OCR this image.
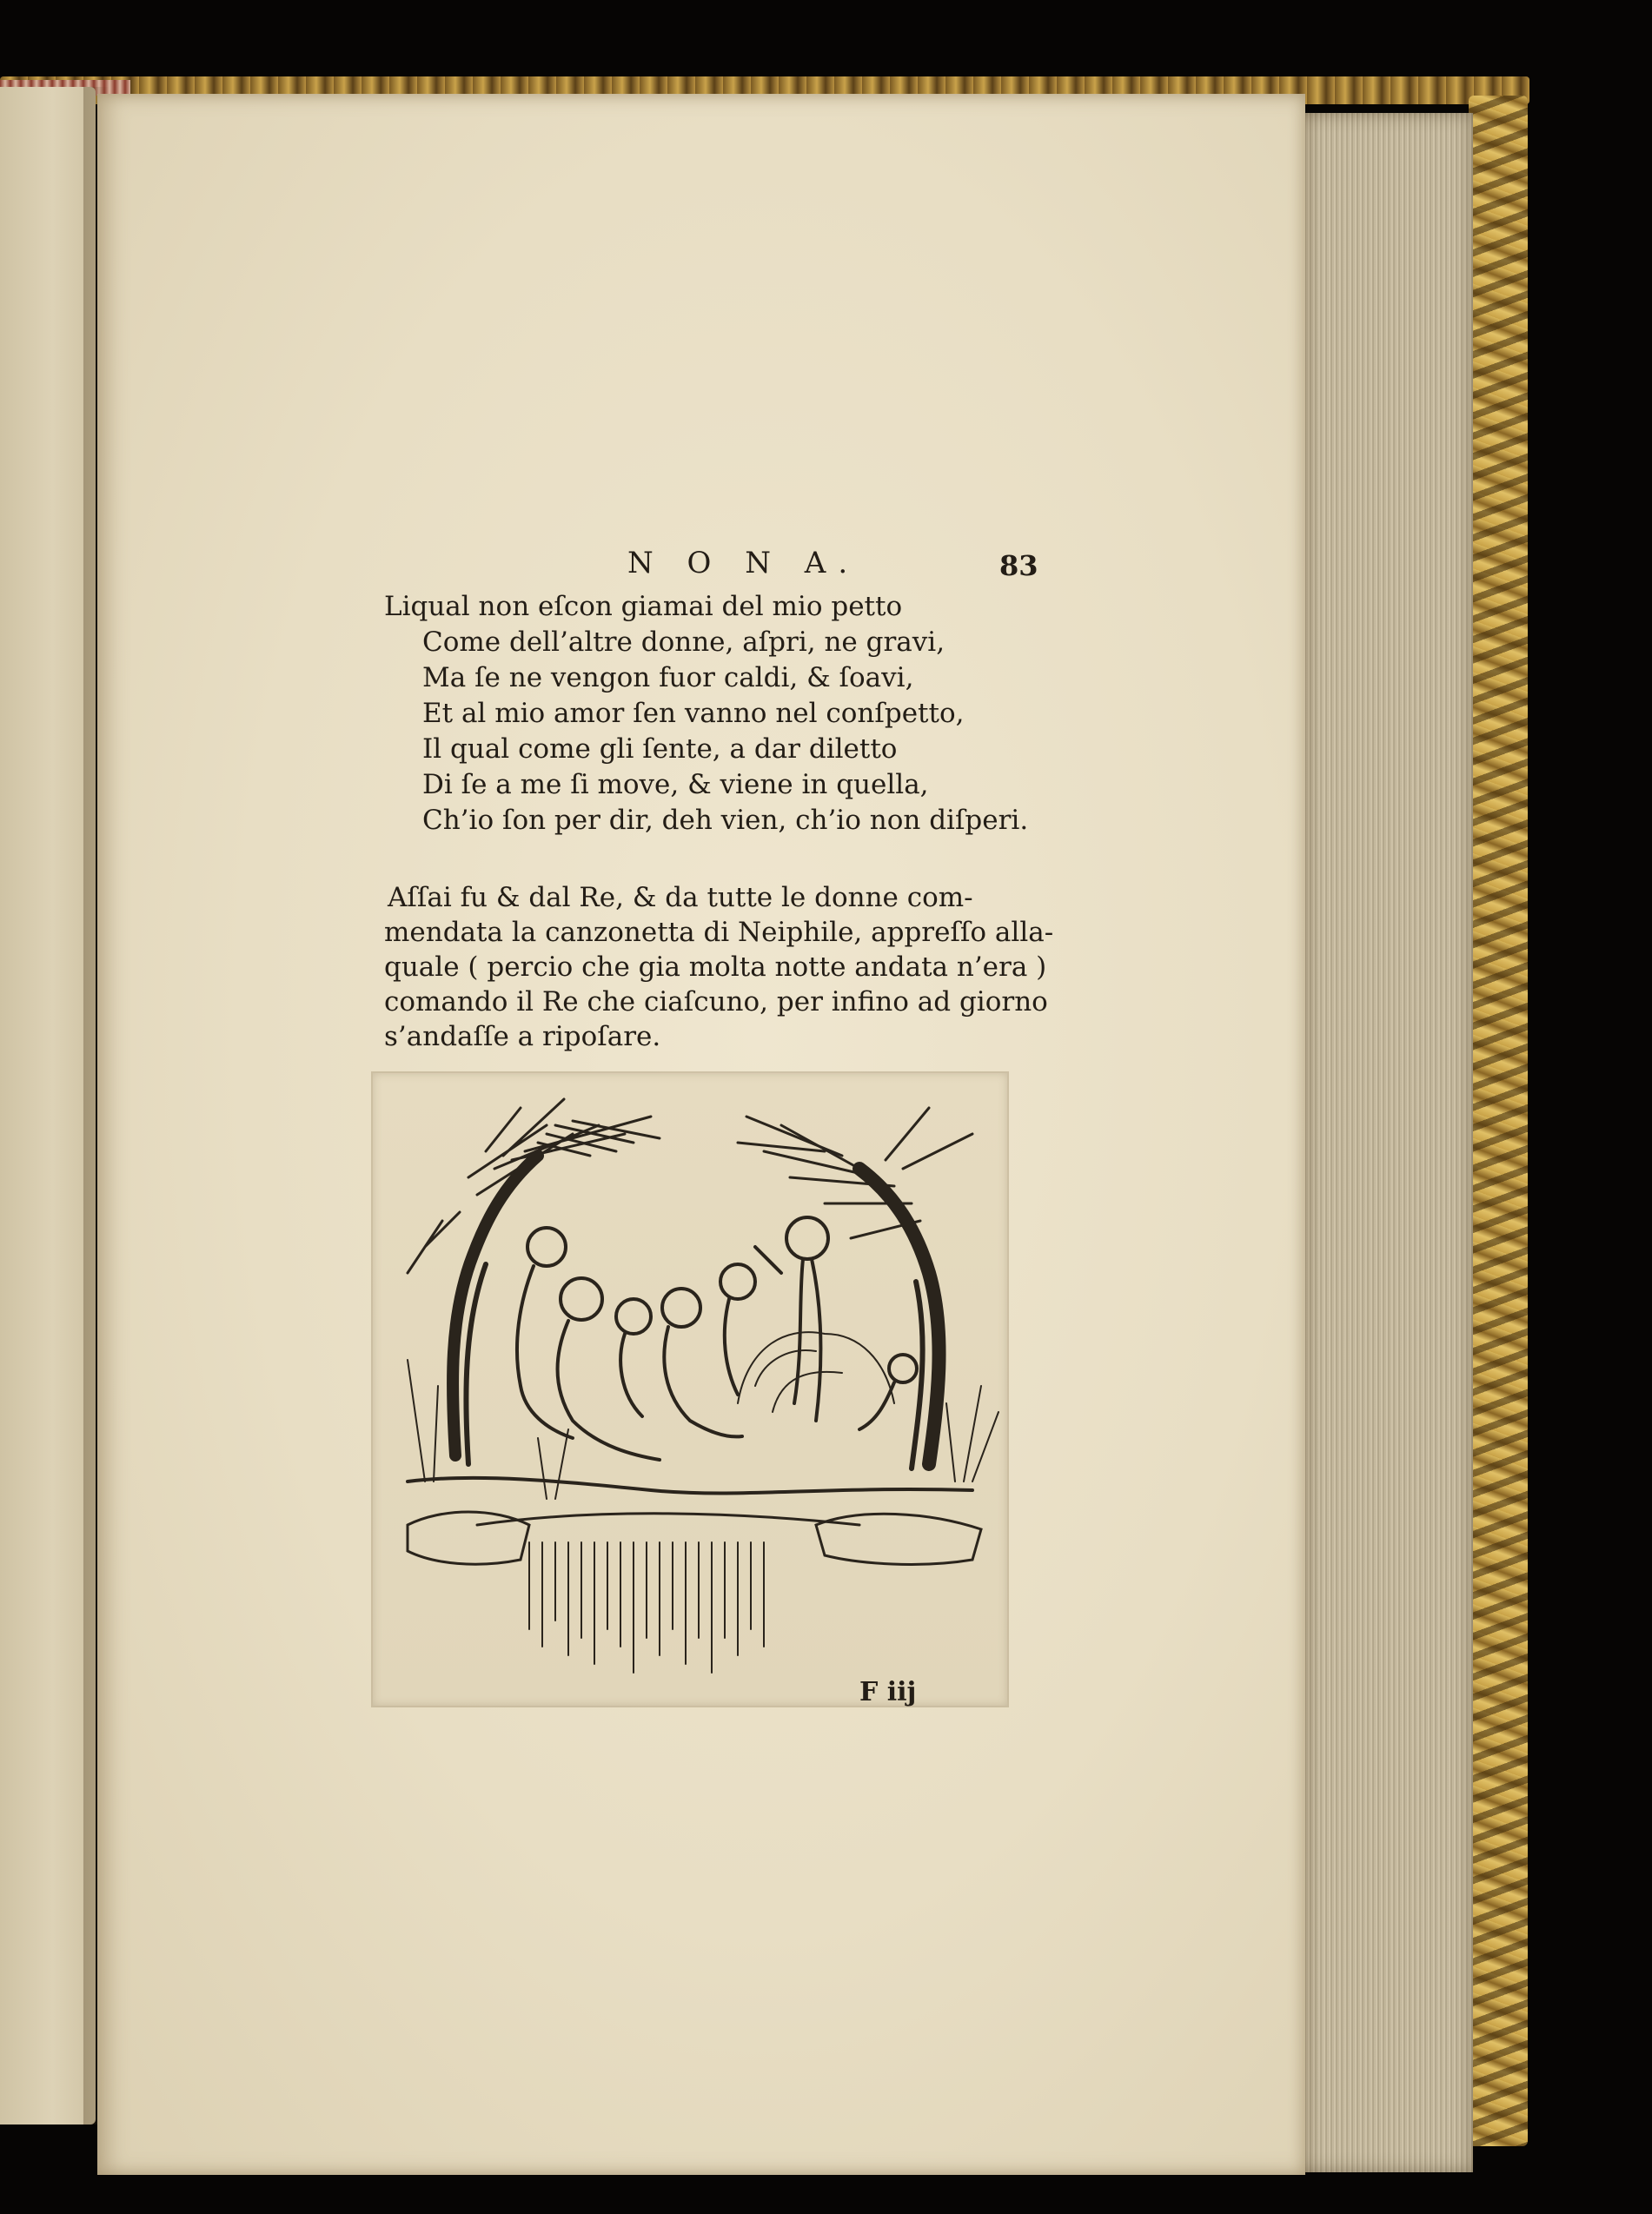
N O N A.	83
Liqual non eſcon giamai del mio petto
Come dell’altre donne, aſpri, ne gravi,
Ma ſe ne vengon fuor caldi, & ſoavi,
Et al mio amor ſen vanno nel conſpetto,
Il qual come gli ſente, a dar diletto
Di ſe a me ſi move, & viene in quella,
Ch’io ſon per dir, deh vien, ch’io non diſperi.
Aſſai fu & dal Re, & da tutte le donne com-
mendata la canzonetta di Neiphile, appreſſo alla-
quale ( percio che gia molta notte andata n’era )
comando il Re che ciaſcuno, per infino ad giorno
s’andaſſe a ripoſare.
F iij
